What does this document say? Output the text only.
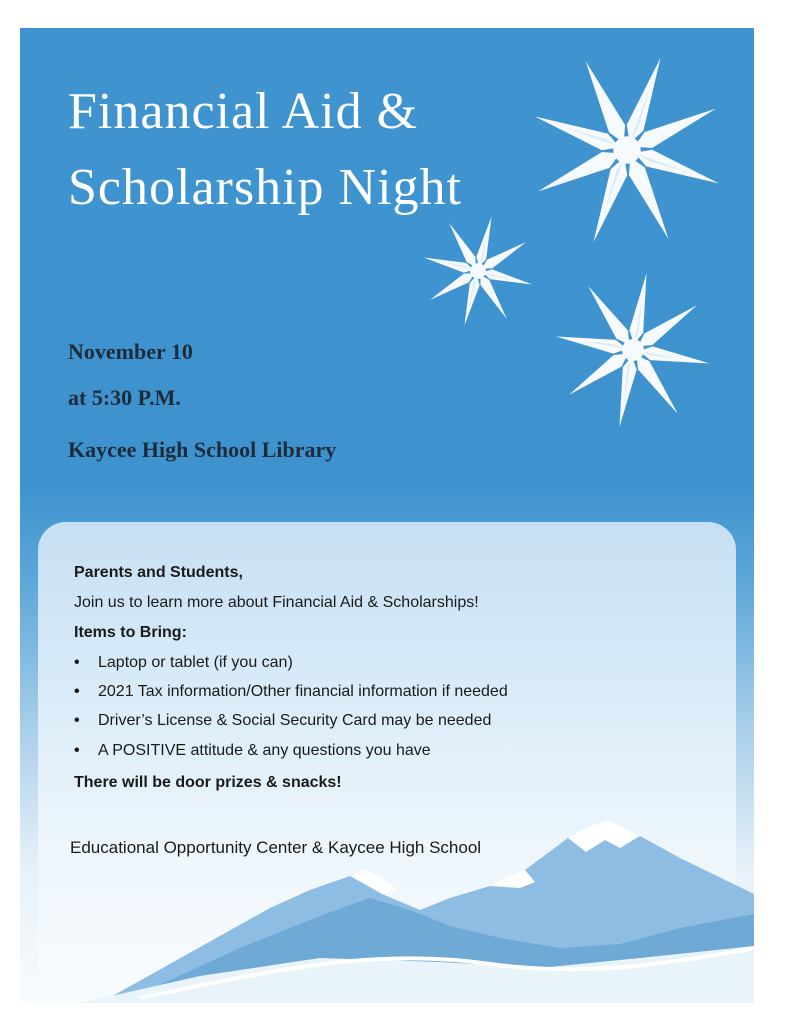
Financial Aid &
Scholarship Night

November 10

at 5:30 P.M.

Kaycee High School Library

Parents and Students,

Join us to learn more about Financial Aid & Scholarships!

Items to Bring:

• Laptop or tablet (if you can)

• 2021 Tax information/Other financial information if needed

• Driver’s License & Social Security Card may be needed

• A POSITIVE attitude & any questions you have

There will be door prizes & snacks!

Educational Opportunity Center & Kaycee High School
